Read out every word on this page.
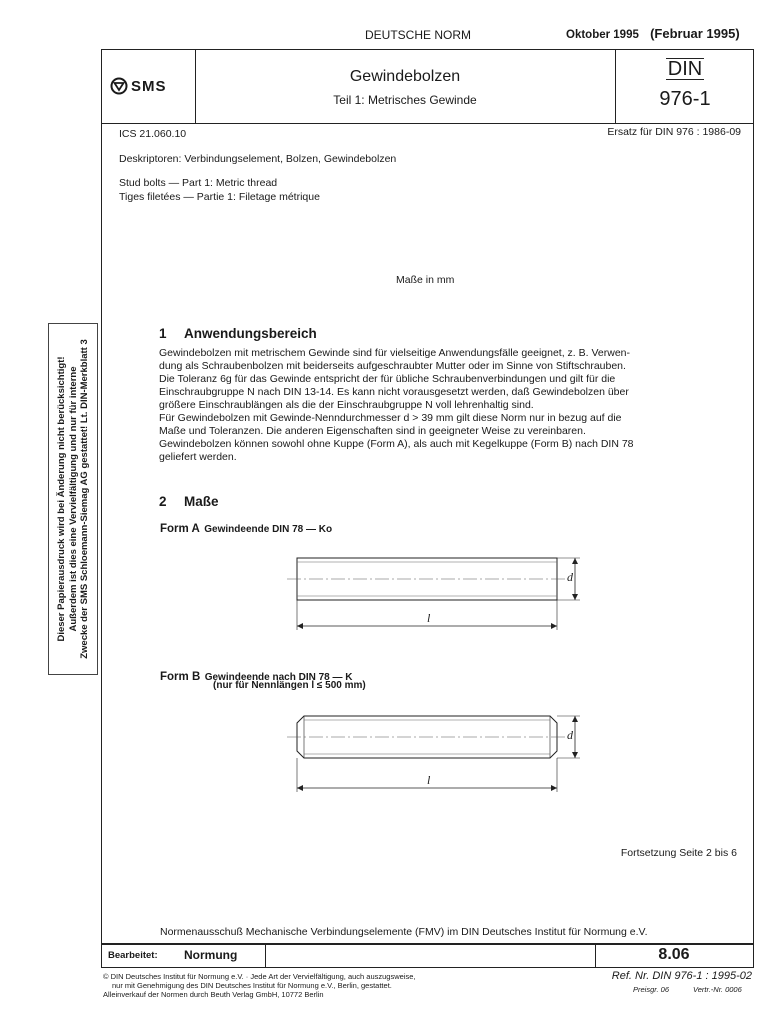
DEUTSCHE NORM	Oktober 1995 (Februar 1995)
SMS
Gewindebolzen
Teil 1: Metrisches Gewinde
DIN
976-1
ICS 21.060.10	Ersatz für DIN 976 : 1986-09
Deskriptoren: Verbindungselement, Bolzen, Gewindebolzen
Stud bolts — Part 1: Metric thread
Tiges filetées — Partie 1: Filetage métrique
Maße in mm
1 Anwendungsbereich
Gewindebolzen mit metrischem Gewinde sind für vielseitige Anwendungsfälle geeignet, z. B. Verwen-
dung als Schraubenbolzen mit beiderseits aufgeschraubter Mutter oder im Sinne von Stiftschrauben.
Die Toleranz 6g für das Gewinde entspricht der für übliche Schraubenverbindungen und gilt für die
Einschraubgruppe N nach DIN 13-14. Es kann nicht vorausgesetzt werden, daß Gewindebolzen über
größere Einschraublängen als die der Einschraubgruppe N voll lehrenhaltig sind.
Für Gewindebolzen mit Gewinde-Nenndurchmesser d > 39 mm gilt diese Norm nur in bezug auf die
Maße und Toleranzen. Die anderen Eigenschaften sind in geeigneter Weise zu vereinbaren.
Gewindebolzen können sowohl ohne Kuppe (Form A), als auch mit Kegelkuppe (Form B) nach DIN 78
geliefert werden.
2 Maße
Form A Gewindeende DIN 78 — Ko
d
l
Form B Gewindeende nach DIN 78 — K
(nur für Nennlängen l ≤ 500 mm)
d
l
Fortsetzung Seite 2 bis 6
Normenausschuß Mechanische Verbindungselemente (FMV) im DIN Deutsches Institut für Normung e.V.
Dieser Papierausdruck wird bei Änderung nicht berücksichtigt! Außerdem ist dies eine Vervielfältigung und nur für interne Zwecke der SMS Schloemann-Siemag AG gestattet! Lt. DIN-Merkblatt 3
Bearbeitet: Normung	8.06
© DIN Deutsches Institut für Normung e.V. · Jede Art der Vervielfältigung, auch auszugsweise,
nur mit Genehmigung des DIN Deutsches Institut für Normung e.V., Berlin, gestattet.
Alleinverkauf der Normen durch Beuth Verlag GmbH, 10772 Berlin
Ref. Nr. DIN 976-1 : 1995-02
Preisgr. 06	Vertr.-Nr. 0006
